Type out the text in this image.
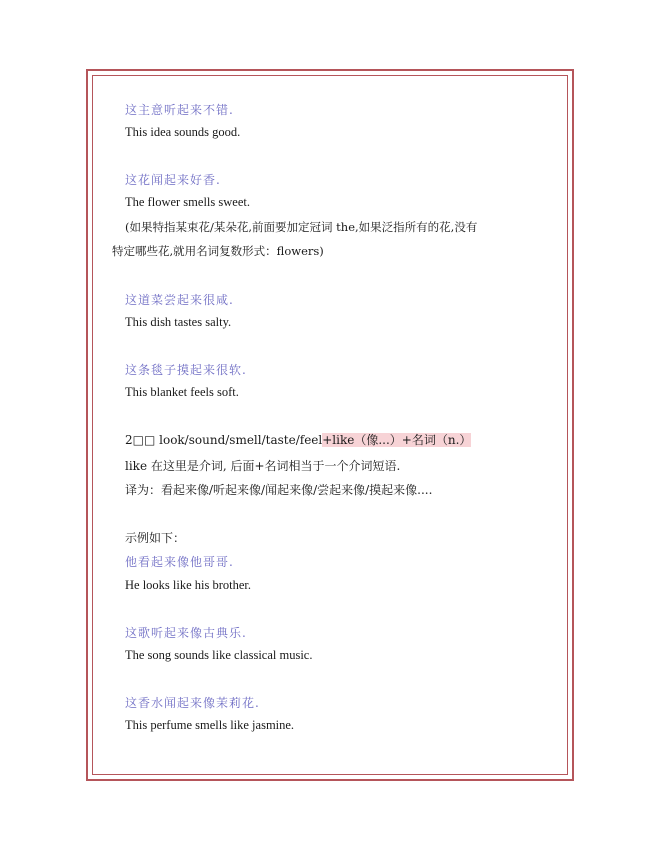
这主意听起来不错.
This idea sounds good.
这花闻起来好香.
The flower smells sweet.
(如果特指某束花/某朵花,前面要加定冠词 the,如果泛指所有的花,没有
特定哪些花,就用名词复数形式：flowers)
这道菜尝起来很咸.
This dish tastes salty.
这条毯子摸起来很软.
This blanket feels soft.
2□□ look/sound/smell/taste/feel+like（像...）+名词（n.）
like 在这里是介词, 后面+名词相当于一个介词短语.
译为：看起来像/听起来像/闻起来像/尝起来像/摸起来像....
示例如下：
他看起来像他哥哥.
He looks like his brother.
这歌听起来像古典乐.
The song sounds like classical music.
这香水闻起来像茉莉花.
This perfume smells like jasmine.
